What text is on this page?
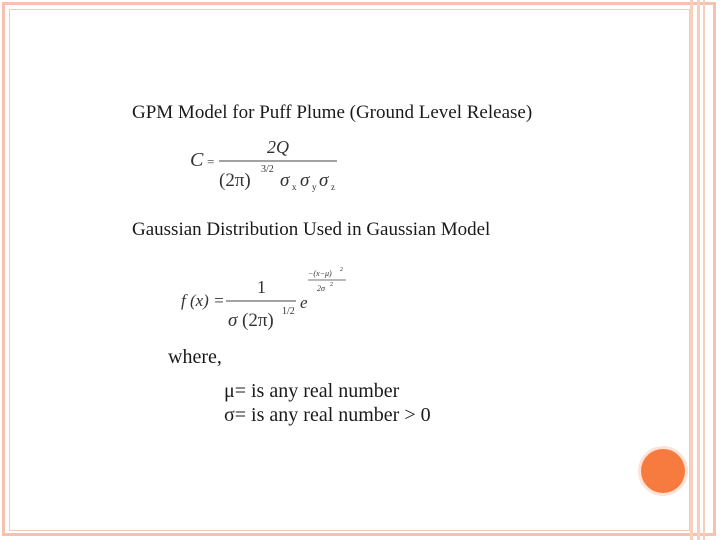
GPM Model for Puff Plume (Ground Level Release)
C =
2Q
(2π)
3/2
σ x σ y σ z
Gaussian Distribution Used in Gaussian Model
f (x) =
1
σ (2π) 1/2 e
−(x−μ) 2
2σ 2
where,
μ= is any real number
σ= is any real number > 0
